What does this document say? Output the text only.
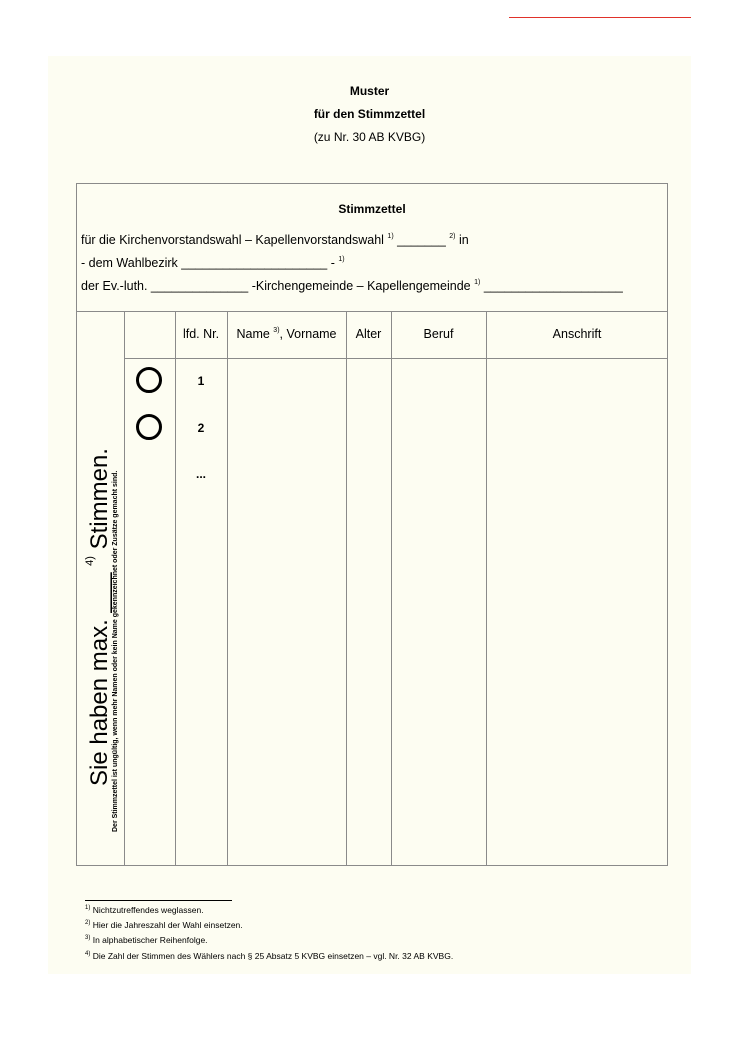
Muster
für den Stimmzettel
(zu Nr. 30 AB KVBG)
Stimmzettel
für die Kirchenvorstandswahl – Kapellenvorstandswahl $^{1)}$ _______ $^{2)}$ in
- dem Wahlbezirk _____________________ - $^{1)}$
der Ev.-luth. ______________ -Kirchengemeinde – Kapellengemeinde $^{1)}$ ____________________
lfd. Nr.	Name $^{3)}$, Vorname	Alter	Beruf	Anschrift
1
2
...
Sie haben max. ___ $^{4)}$ Stimmen. Der Stimmzettel ist ungültig, wenn mehr Namen oder kein Name gekennzeichnet oder Zusätze gemacht sind.
$^{1)}$ Nichtzutreffendes weglassen.
$^{2)}$ Hier die Jahreszahl der Wahl einsetzen.
$^{3)}$ In alphabetischer Reihenfolge.
$^{4)}$ Die Zahl der Stimmen des Wählers nach § 25 Absatz 5 KVBG einsetzen – vgl. Nr. 32 AB KVBG.
